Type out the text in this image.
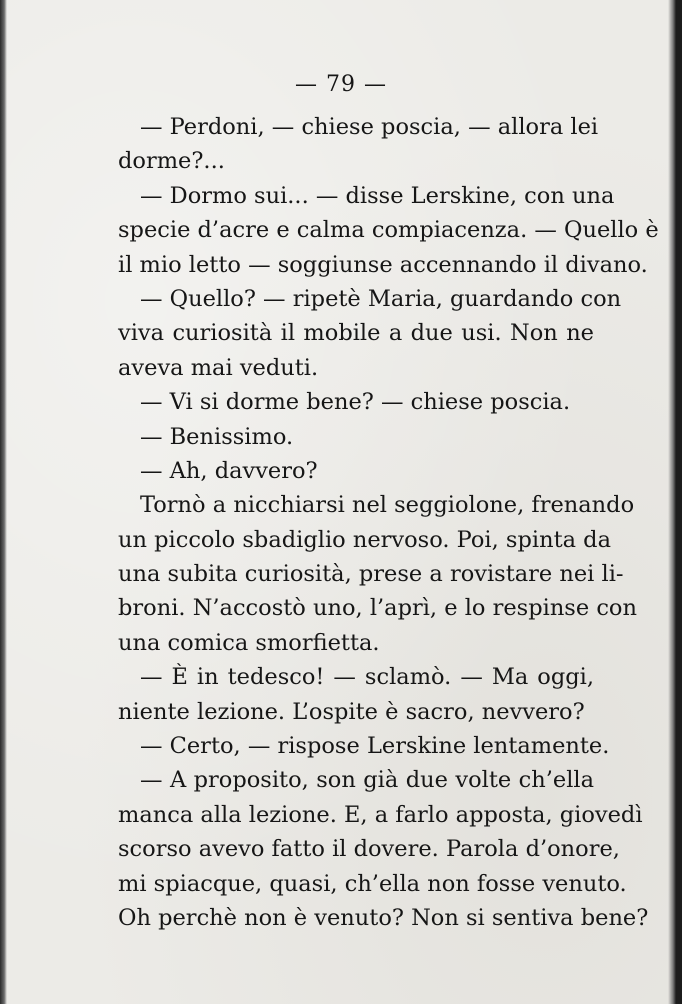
— 79 —
— Perdoni, — chiese poscia, — allora lei
dorme?...
— Dormo sui... — disse Lerskine, con una
specie d’acre e calma compiacenza. — Quello è
il mio letto — soggiunse accennando il divano.
— Quello? — ripetè Maria, guardando con
viva curiosità il mobile a due usi. Non ne
aveva mai veduti.
— Vi si dorme bene? — chiese poscia.
— Benissimo.
— Ah, davvero?
Tornò a nicchiarsi nel seggiolone, frenando
un piccolo sbadiglio nervoso. Poi, spinta da
una subita curiosità, prese a rovistare nei li-
broni. N’accostò uno, l’aprì, e lo respinse con
una comica smorfietta.
— È in tedesco! — sclamò. — Ma oggi,
niente lezione. L’ospite è sacro, nevvero?
— Certo, — rispose Lerskine lentamente.
— A proposito, son già due volte ch’ella
manca alla lezione. E, a farlo apposta, giovedì
scorso avevo fatto il dovere. Parola d’onore,
mi spiacque, quasi, ch’ella non fosse venuto.
Oh perchè non è venuto? Non si sentiva bene?
